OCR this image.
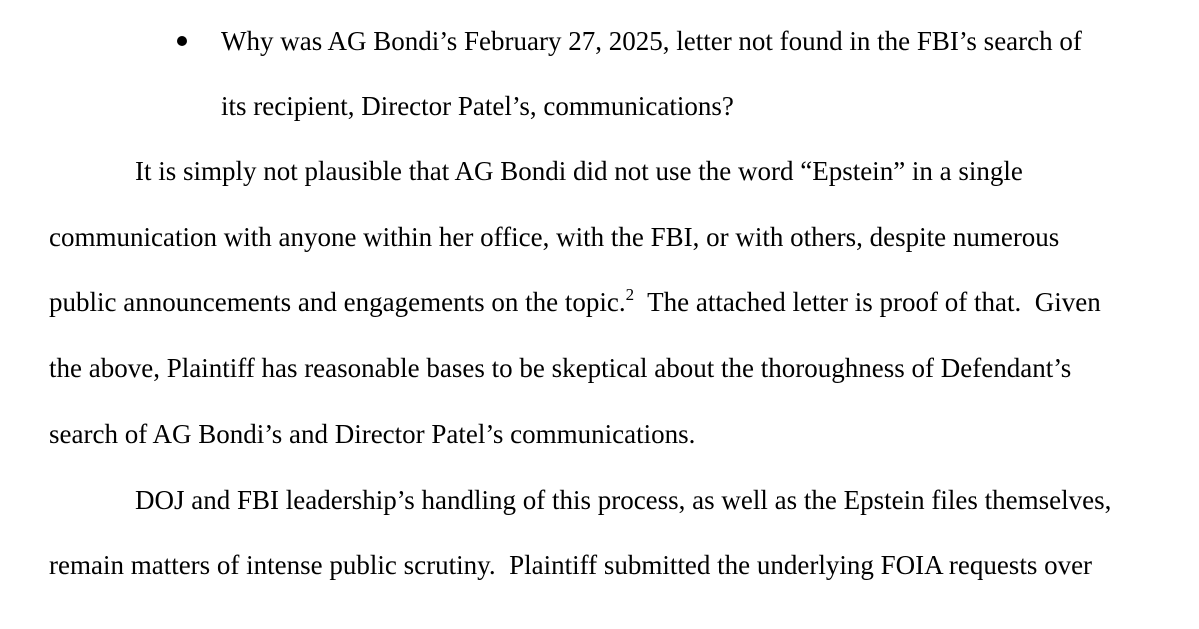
Why was AG Bondi’s February 27, 2025, letter not found in the FBI’s search of
its recipient, Director Patel’s, communications?
It is simply not plausible that AG Bondi did not use the word “Epstein” in a single
communication with anyone within her office, with the FBI, or with others, despite numerous
public announcements and engagements on the topic.$^2$  The attached letter is proof of that.  Given
the above, Plaintiff has reasonable bases to be skeptical about the thoroughness of Defendant’s
search of AG Bondi’s and Director Patel’s communications.
DOJ and FBI leadership’s handling of this process, as well as the Epstein files themselves,
remain matters of intense public scrutiny.  Plaintiff submitted the underlying FOIA requests over
